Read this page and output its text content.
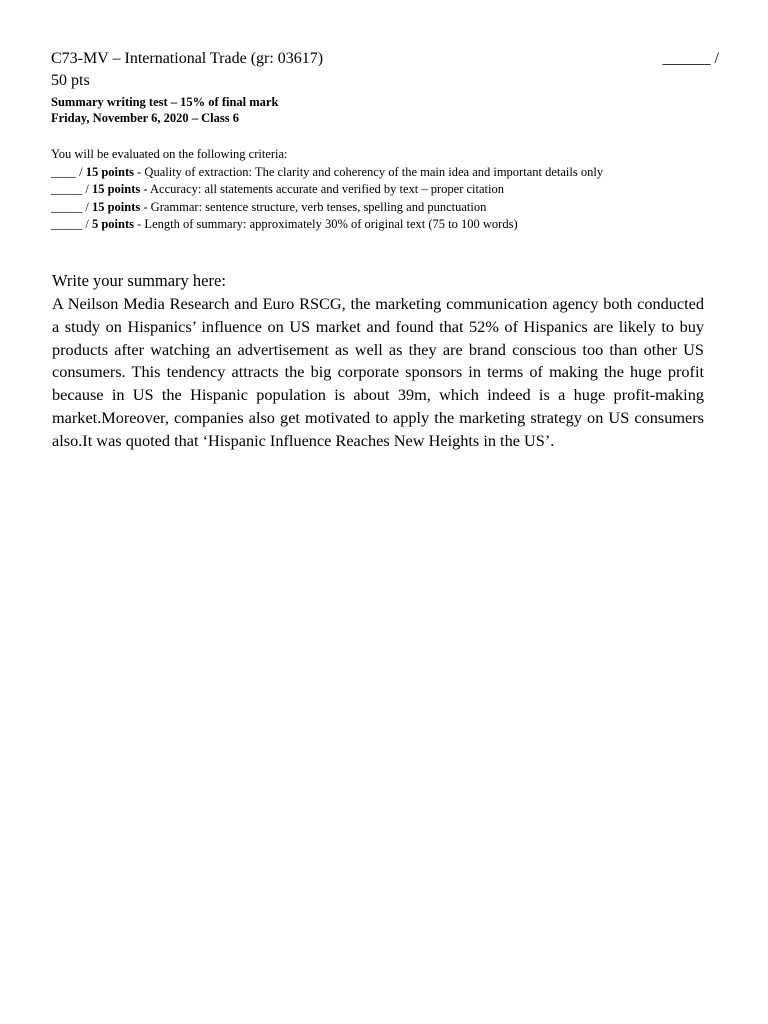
C73-MV – International Trade (gr: 03617)	______ /
50 pts
Summary writing test – 15% of final mark
Friday, November 6, 2020 – Class 6
You will be evaluated on the following criteria:
____ / 15 points - Quality of extraction: The clarity and coherency of the main idea and important details only
_____ / 15 points - Accuracy: all statements accurate and verified by text – proper citation
_____ / 15 points - Grammar: sentence structure, verb tenses, spelling and punctuation
_____ / 5 points - Length of summary: approximately 30% of original text (75 to 100 words)
Write your summary here:
A Neilson Media Research and Euro RSCG, the marketing communication agency both conducted a study on Hispanics’ influence on US market and found that 52% of Hispanics are likely to buy products after watching an advertisement as well as they are brand conscious too than other US consumers. This tendency attracts the big corporate sponsors in terms of making the huge profit because in US the Hispanic population is about 39m, which indeed is a huge profit-making market.Moreover, companies also get motivated to apply the marketing strategy on US consumers also.It was quoted that ‘Hispanic Influence Reaches New Heights in the US’.
